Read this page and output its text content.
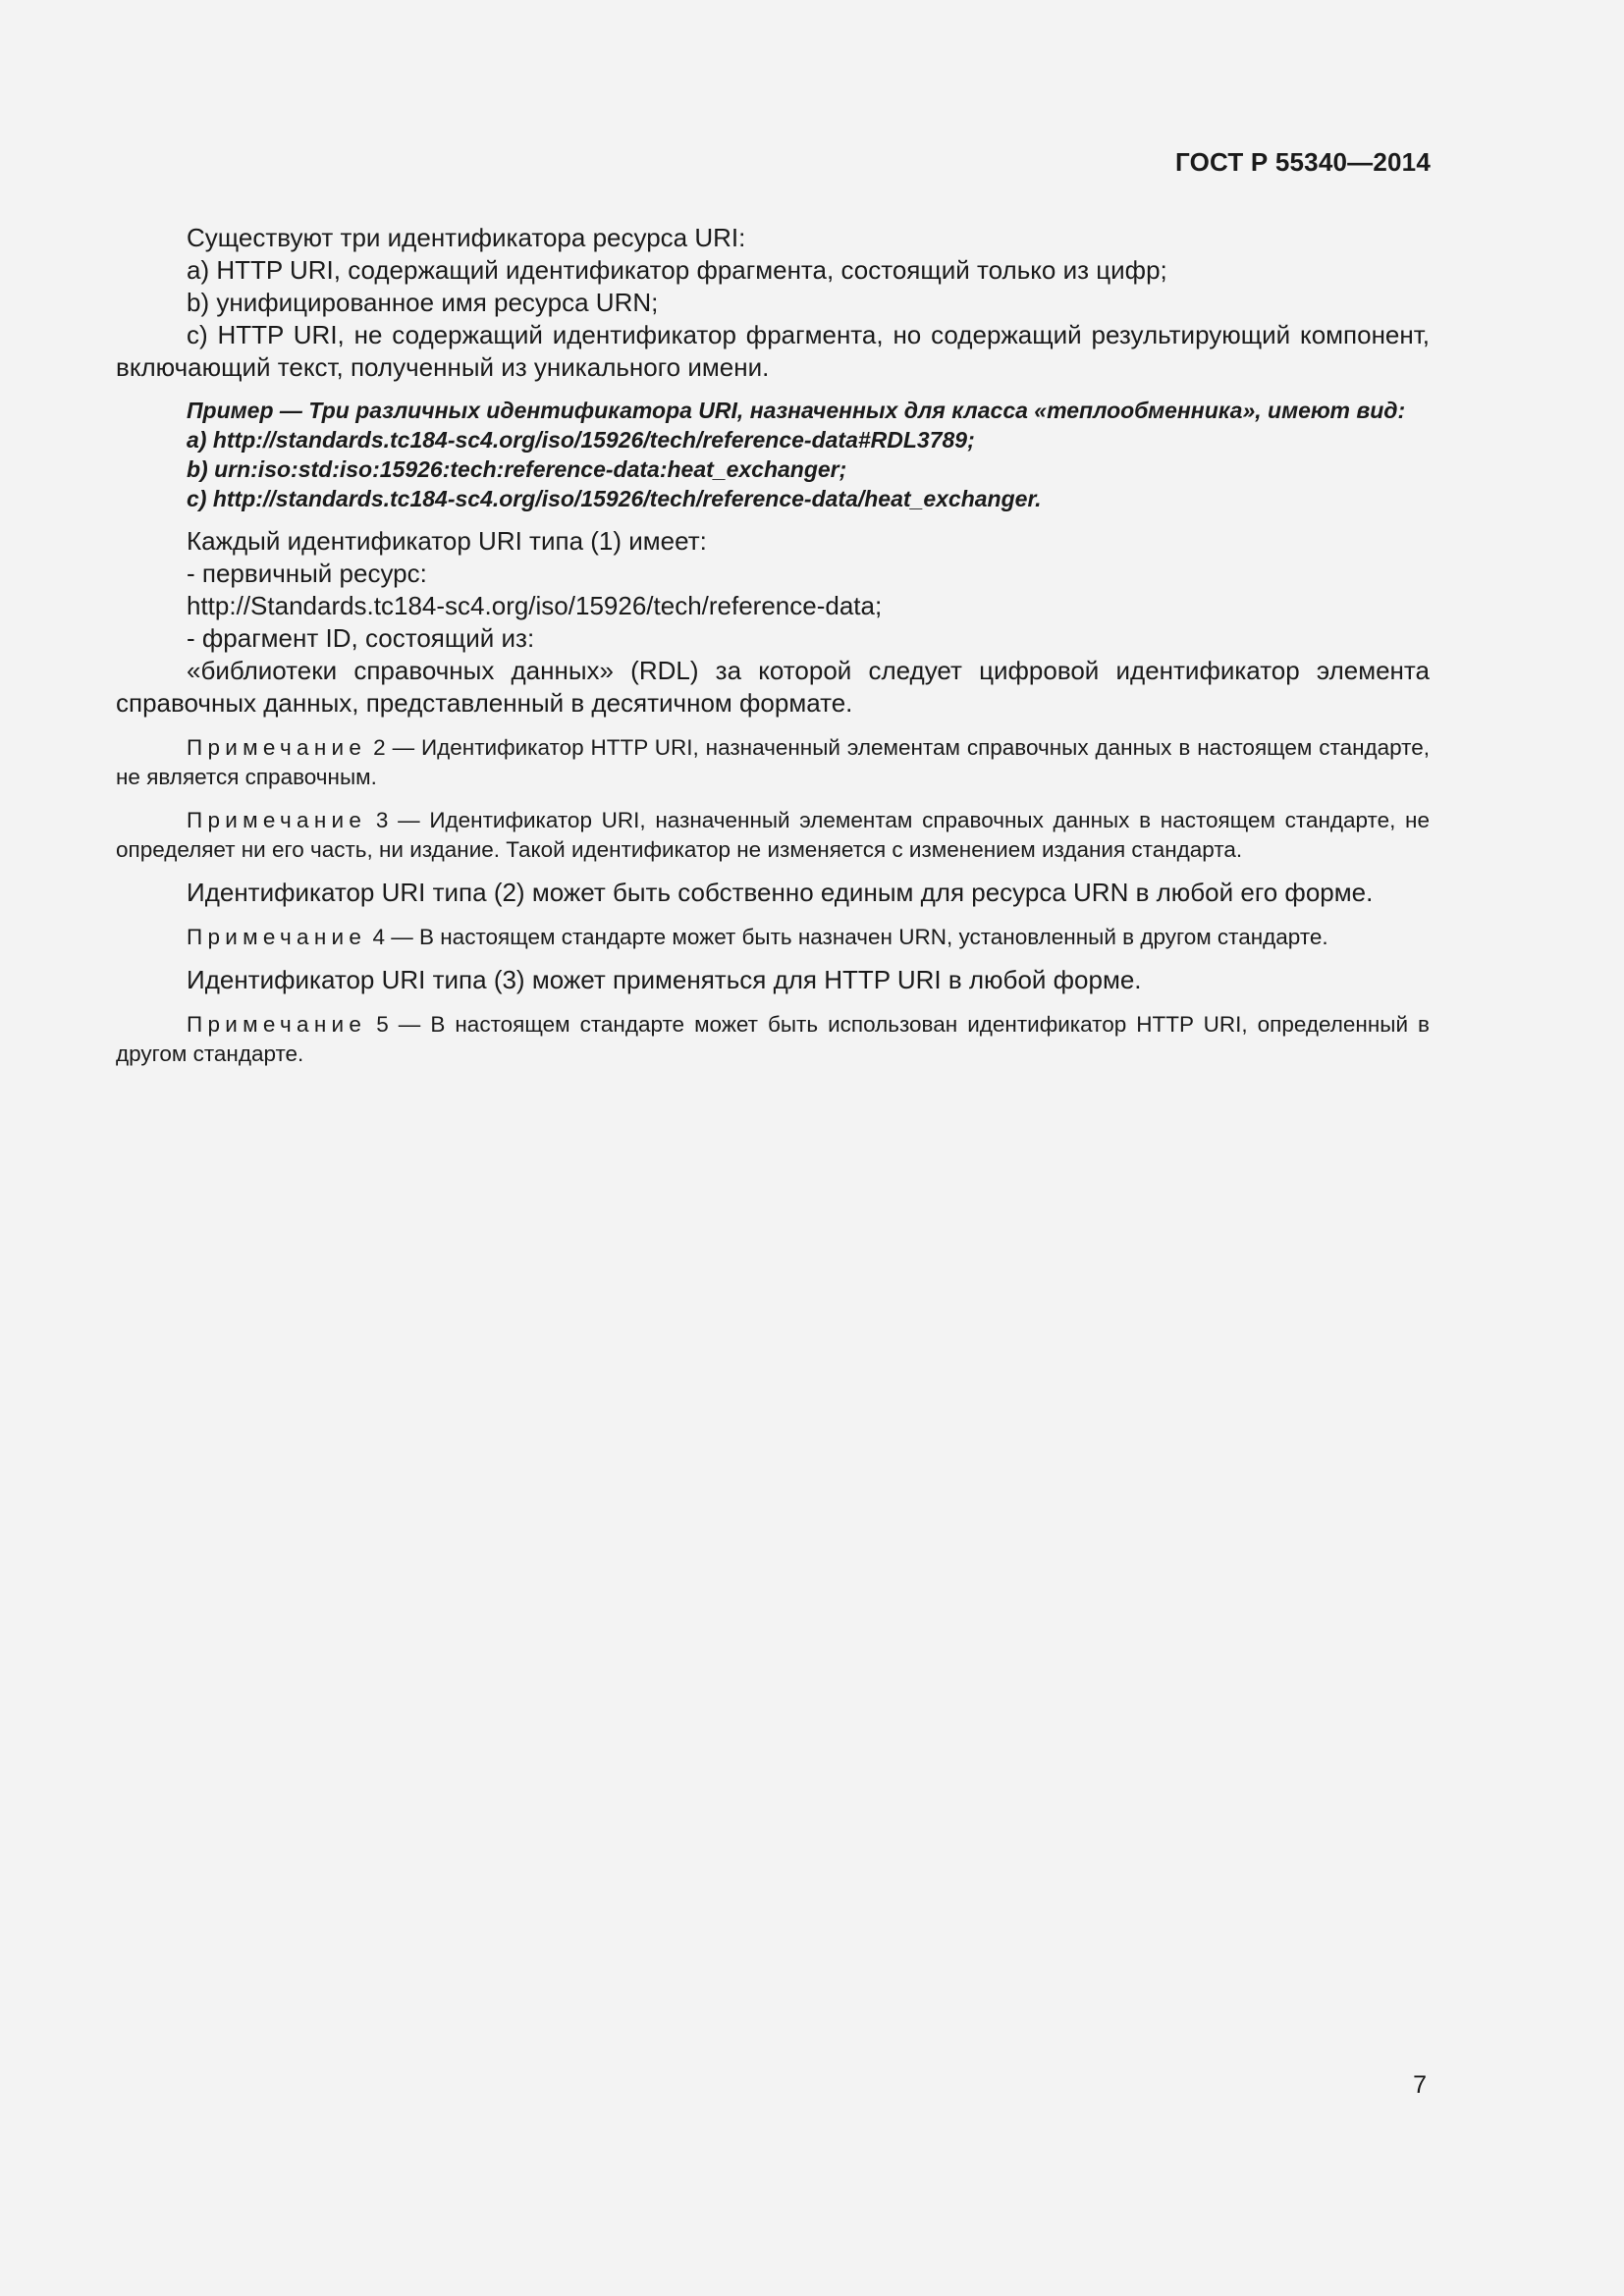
ГОСТ Р 55340—2014

Существуют три идентификатора ресурса URI:

a) HTTP URI, содержащий идентификатор фрагмента, состоящий только из цифр;

b) унифицированное имя ресурса URN;

c) HTTP URI, не содержащий идентификатор фрагмента, но содержащий результирующий компонент, включающий текст, полученный из уникального имени.

Пример — Три различных идентификатора URI, назначенных для класса «теплообменника», имеют вид:

a) http://standards.tc184-sc4.org/iso/15926/tech/reference-data#RDL3789;

b) urn:iso:std:iso:15926:tech:reference-data:heat_exchanger;

c) http://standards.tc184-sc4.org/iso/15926/tech/reference-data/heat_exchanger.

Каждый идентификатор URI типа (1) имеет:

- первичный ресурс:

http://Standards.tc184-sc4.org/iso/15926/tech/reference-data;

- фрагмент ID, состоящий из:

«библиотеки справочных данных» (RDL) за которой следует цифровой идентификатор элемента справочных данных, представленный в десятичном формате.

Примечание 2 — Идентификатор HTTP URI, назначенный элементам справочных данных в настоящем стандарте, не является справочным.

Примечание 3 — Идентификатор URI, назначенный элементам справочных данных в настоящем стандарте, не определяет ни его часть, ни издание. Такой идентификатор не изменяется с изменением издания стандарта.

Идентификатор URI типа (2) может быть собственно единым для ресурса URN в любой его форме.

Примечание 4 — В настоящем стандарте может быть назначен URN, установленный в другом стандарте.

Идентификатор URI типа (3) может применяться для HTTP URI в любой форме.

Примечание 5 — В настоящем стандарте может быть использован идентификатор HTTP URI, определенный в другом стандарте.

7
